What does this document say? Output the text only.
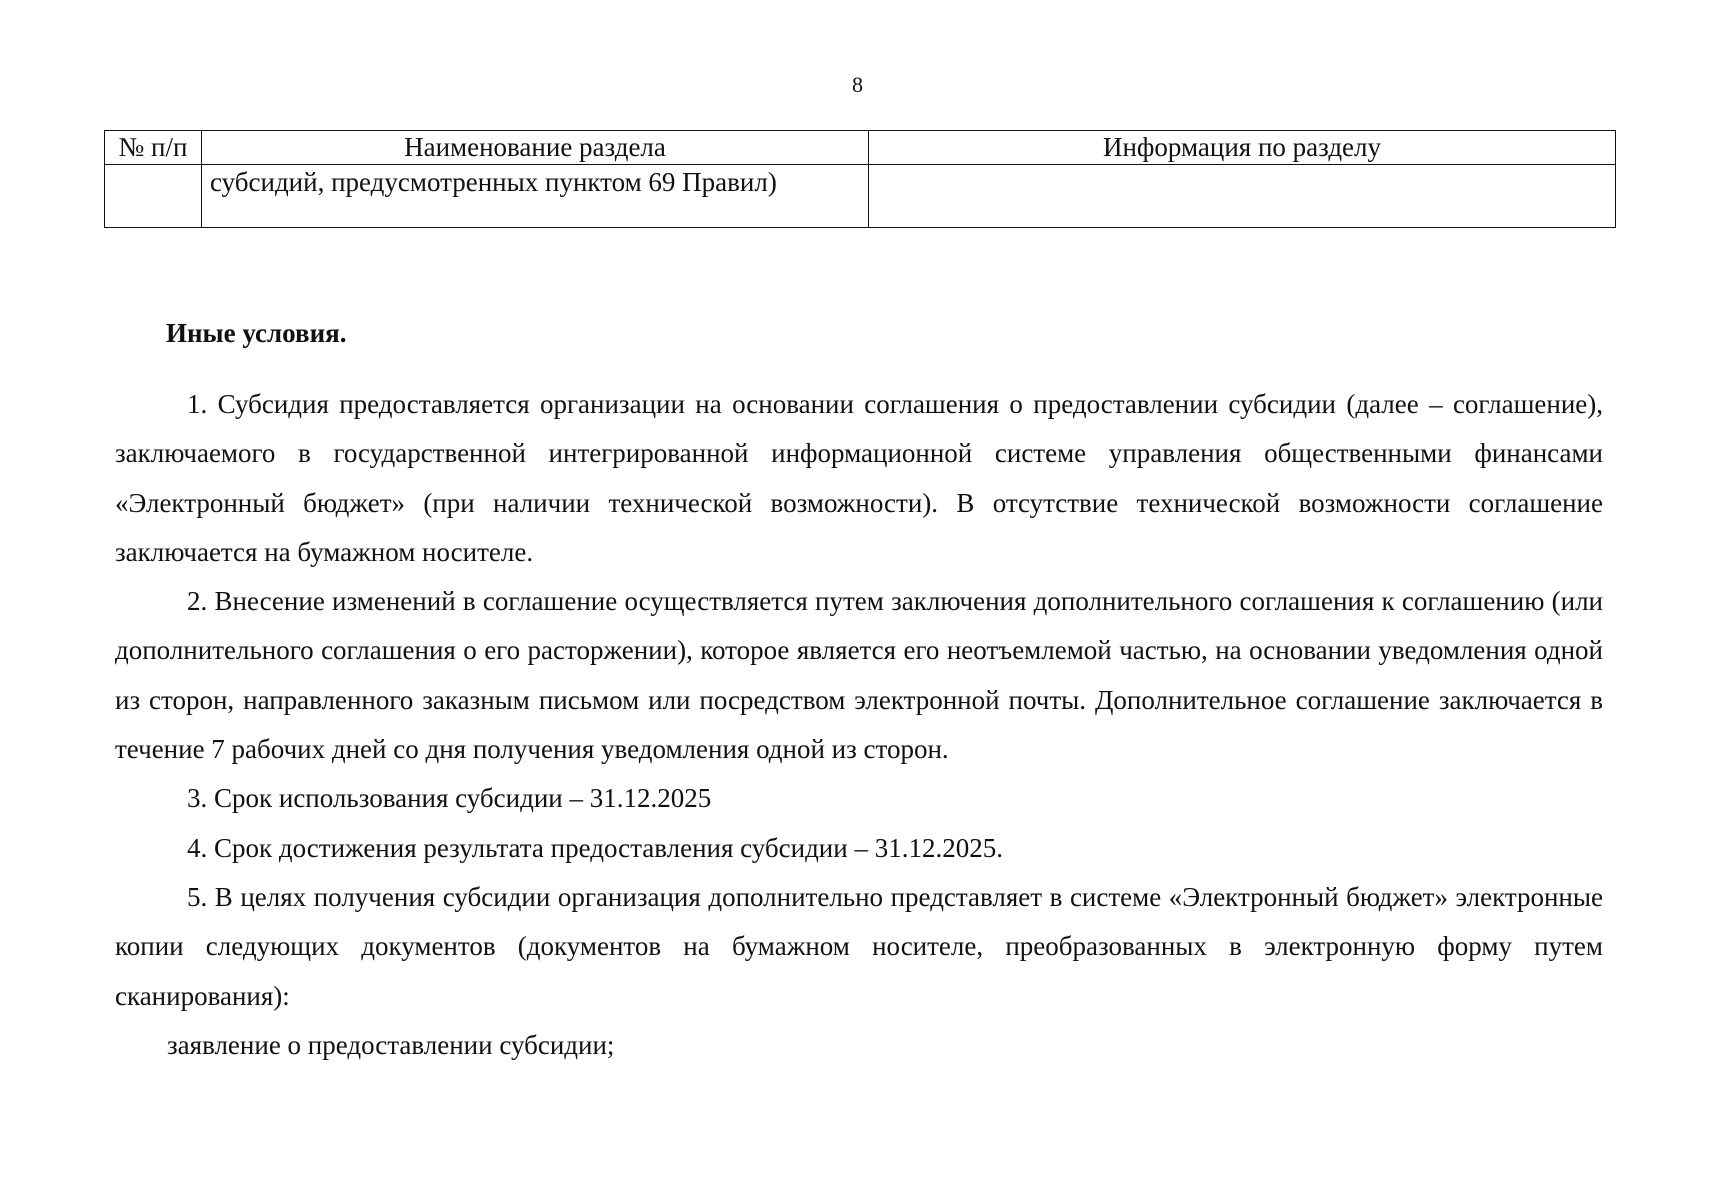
8
№ п/п	Наименование раздела	Информация по разделу
	субсидий, предусмотренных пунктом 69 Правил)	
Иные условия.

1. Субсидия предоставляется организации на основании соглашения о предоставлении субсидии (далее – соглашение), заключаемого в государственной интегрированной информационной системе управления общественными финансами «Электронный бюджет» (при наличии технической возможности). В отсутствие технической возможности соглашение заключается на бумажном носителе.

2. Внесение изменений в соглашение осуществляется путем заключения дополнительного соглашения к соглашению (или дополнительного соглашения о его расторжении), которое является его неотъемлемой частью, на основании уведомления одной из сторон, направленного заказным письмом или посредством электронной почты. Дополнительное соглашение заключается в течение 7 рабочих дней со дня получения уведомления одной из сторон.

3. Срок использования субсидии – 31.12.2025

4. Срок достижения результата предоставления субсидии – 31.12.2025.

5. В целях получения субсидии организация дополнительно представляет в системе «Электронный бюджет» электронные копии следующих документов (документов на бумажном носителе, преобразованных в электронную форму путем сканирования):

заявление о предоставлении субсидии;
